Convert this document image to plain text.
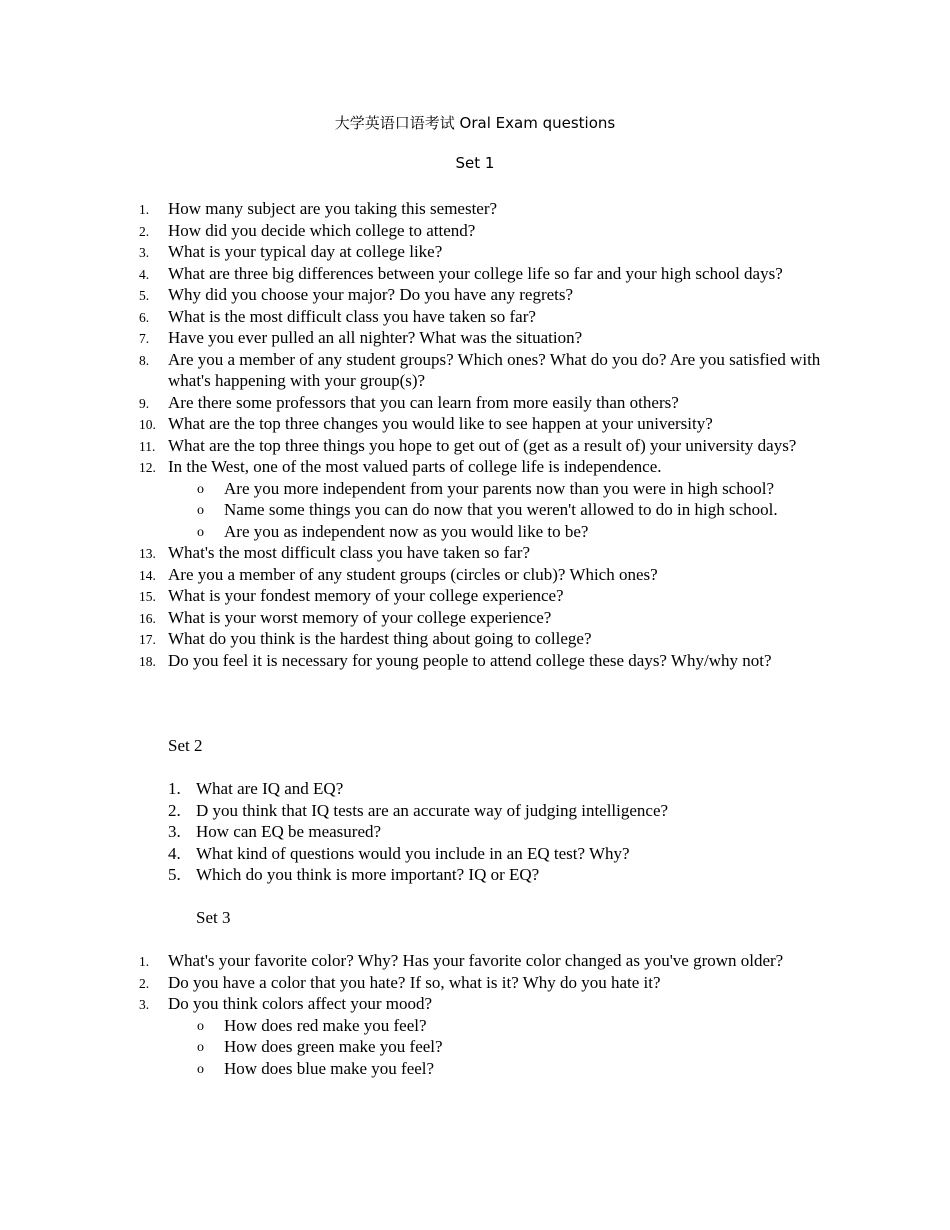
大学英语口语考试 Oral Exam questions
Set 1
1. How many subject are you taking this semester?
2. How did you decide which college to attend?
3. What is your typical day at college like?
4. What are three big differences between your college life so far and your high school days?
5. Why did you choose your major? Do you have any regrets?
6. What is the most difficult class you have taken so far?
7. Have you ever pulled an all nighter? What was the situation?
8. Are you a member of any student groups? Which ones? What do you do? Are you satisfied with what's happening with your group(s)?
9. Are there some professors that you can learn from more easily than others?
10. What are the top three changes you would like to see happen at your university?
11. What are the top three things you hope to get out of (get as a result of) your university days?
12. In the West, one of the most valued parts of college life is independence.
o Are you more independent from your parents now than you were in high school?
o Name some things you can do now that you weren't allowed to do in high school.
o Are you as independent now as you would like to be?
13. What's the most difficult class you have taken so far?
14. Are you a member of any student groups (circles or club)? Which ones?
15. What is your fondest memory of your college experience?
16. What is your worst memory of your college experience?
17. What do you think is the hardest thing about going to college?
18. Do you feel it is necessary for young people to attend college these days? Why/why not?
Set 2
1. What are IQ and EQ?
2. D you think that IQ tests are an accurate way of judging intelligence?
3. How can EQ be measured?
4. What kind of questions would you include in an EQ test? Why?
5. Which do you think is more important? IQ or EQ?
Set 3
1. What's your favorite color? Why? Has your favorite color changed as you've grown older?
2. Do you have a color that you hate? If so, what is it? Why do you hate it?
3. Do you think colors affect your mood?
o How does red make you feel?
o How does green make you feel?
o How does blue make you feel?
